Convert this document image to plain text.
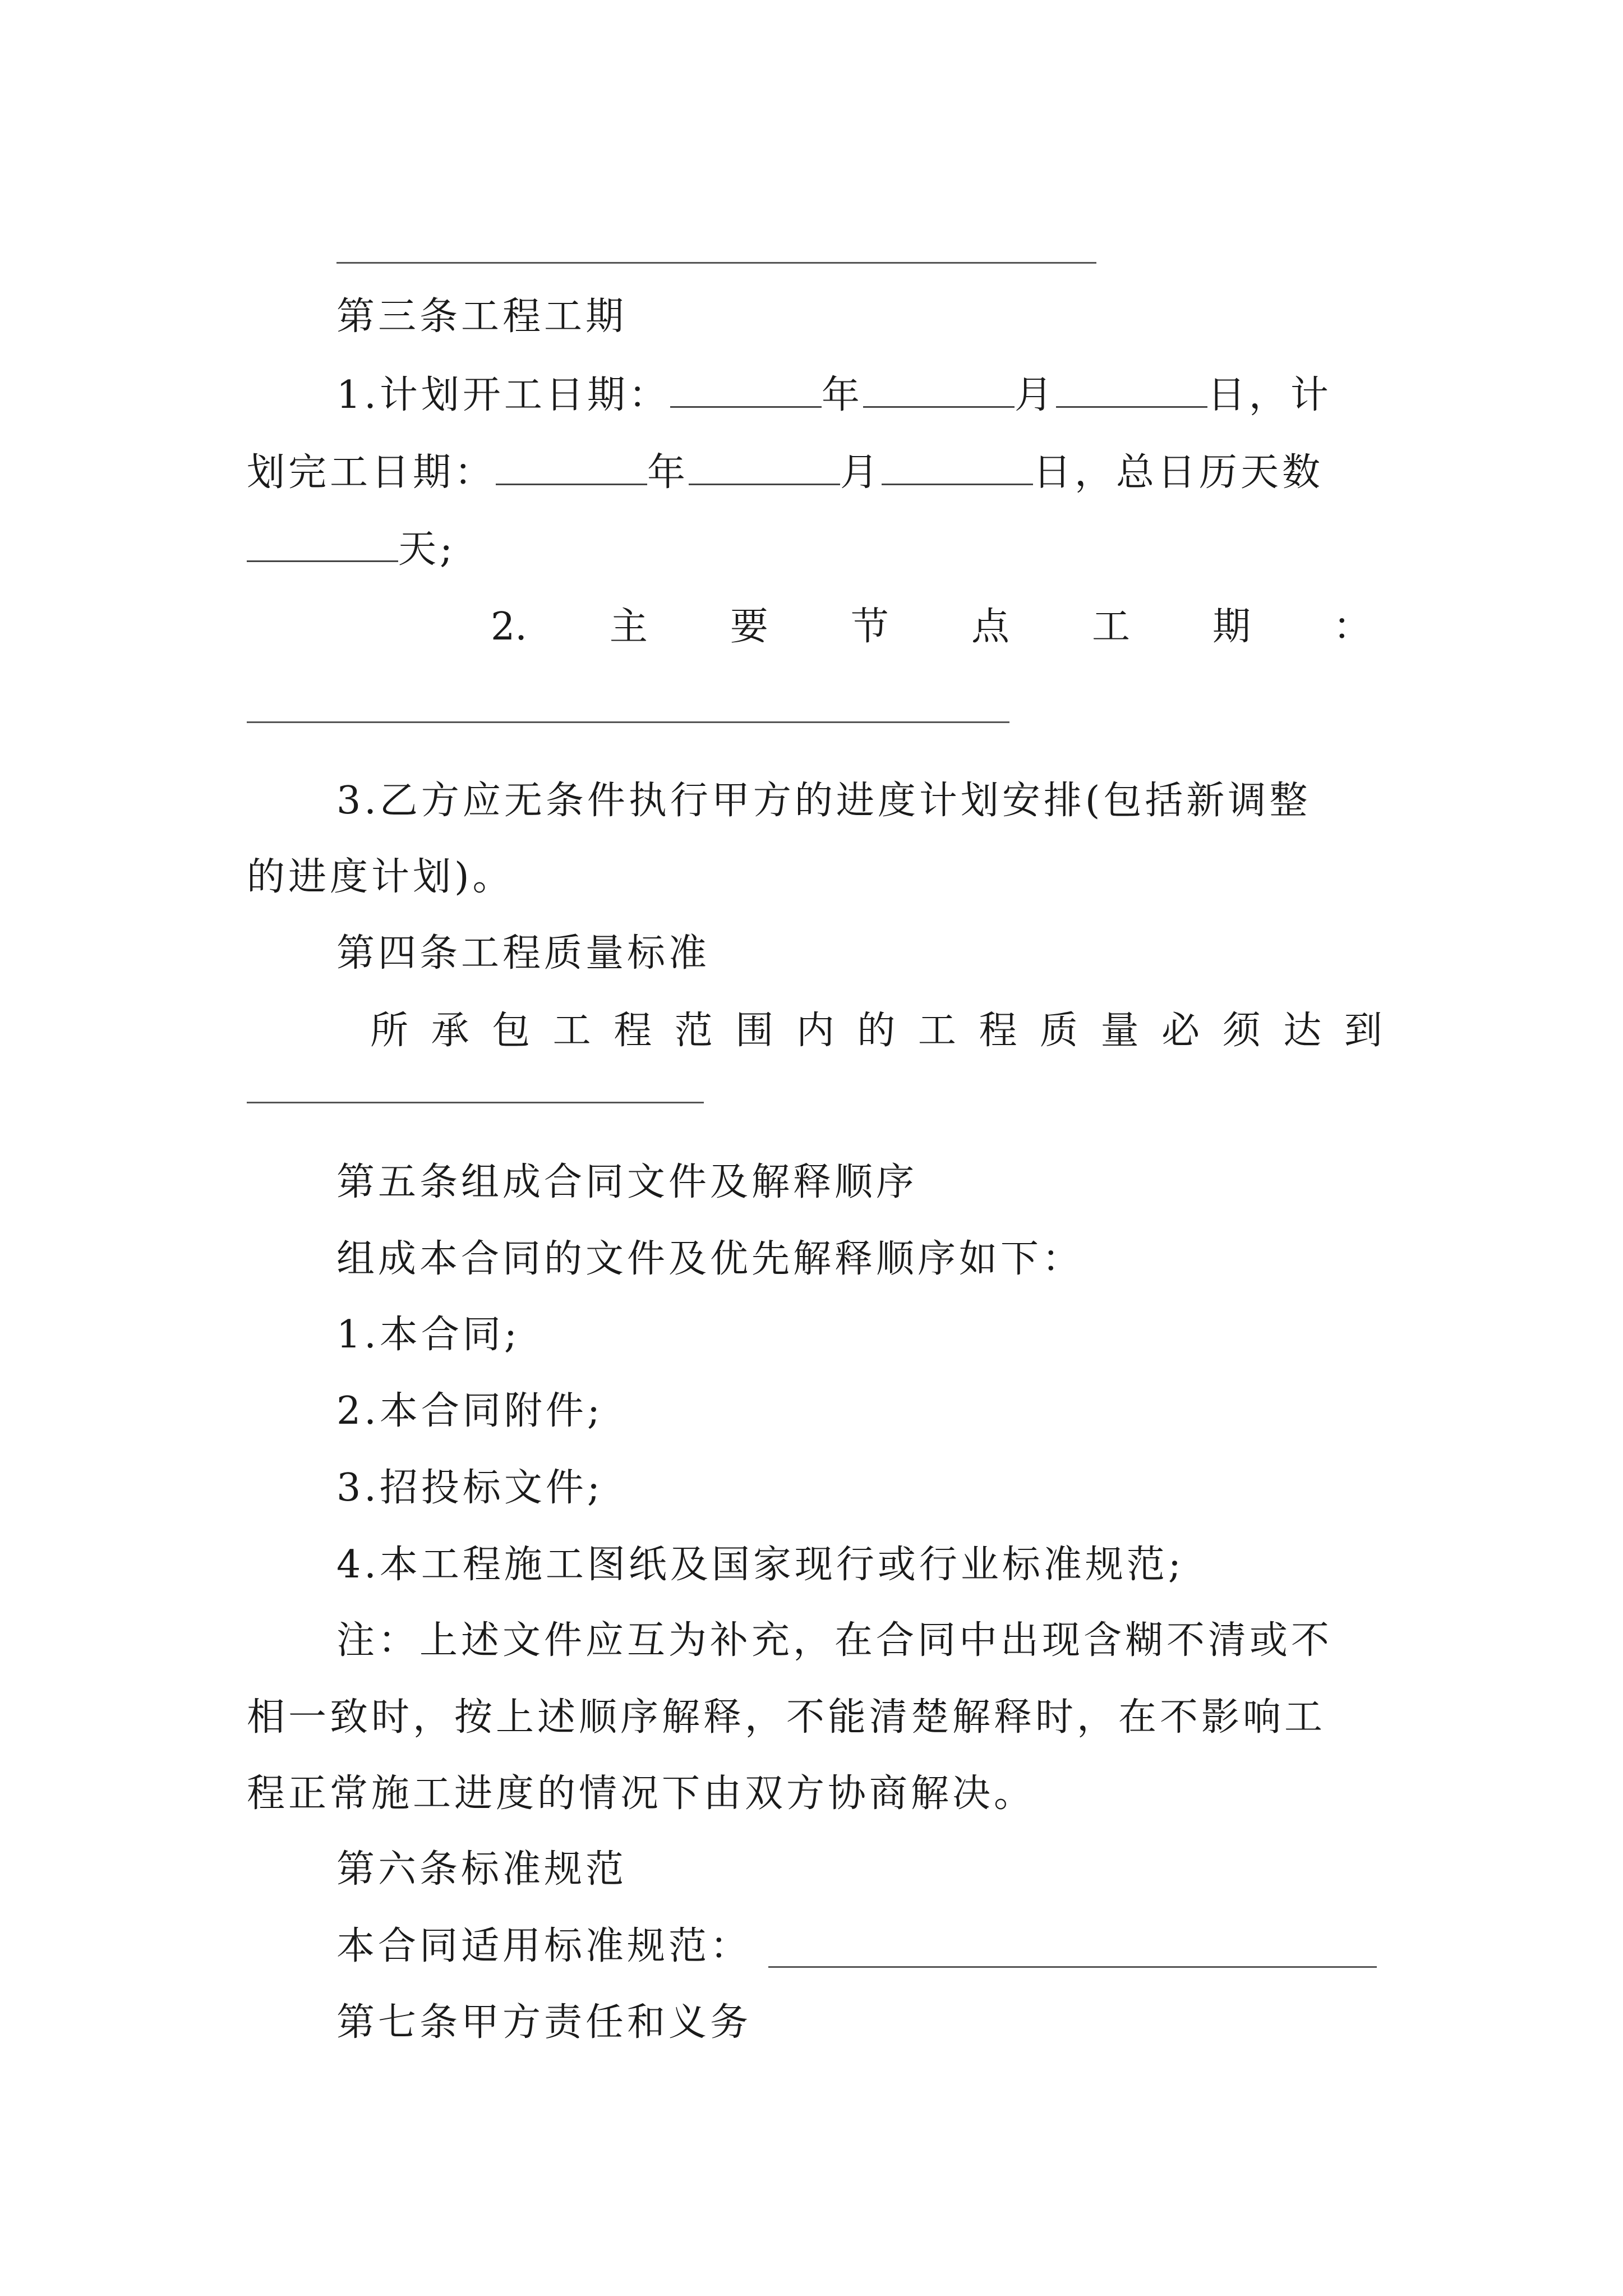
第三条工程工期
1.计划开工日期：	年	月	日，计
划完工日期：	年	月	日，总日历天数
天;
2. 主 要 节 点 工 期 ：
3.乙方应无条件执行甲方的进度计划安排(包括新调整
的进度计划)。
第四条工程质量标准
所 承 包 工 程 范 围 内 的 工 程 质 量 必 须 达 到
第五条组成合同文件及解释顺序
组成本合同的文件及优先解释顺序如下：
1.本合同;
2.本合同附件;
3.招投标文件;
4.本工程施工图纸及国家现行或行业标准规范;
注：上述文件应互为补充，在合同中出现含糊不清或不
相一致时，按上述顺序解释，不能清楚解释时，在不影响工
程正常施工进度的情况下由双方协商解决。
第六条标准规范
本合同适用标准规范：
第七条甲方责任和义务
